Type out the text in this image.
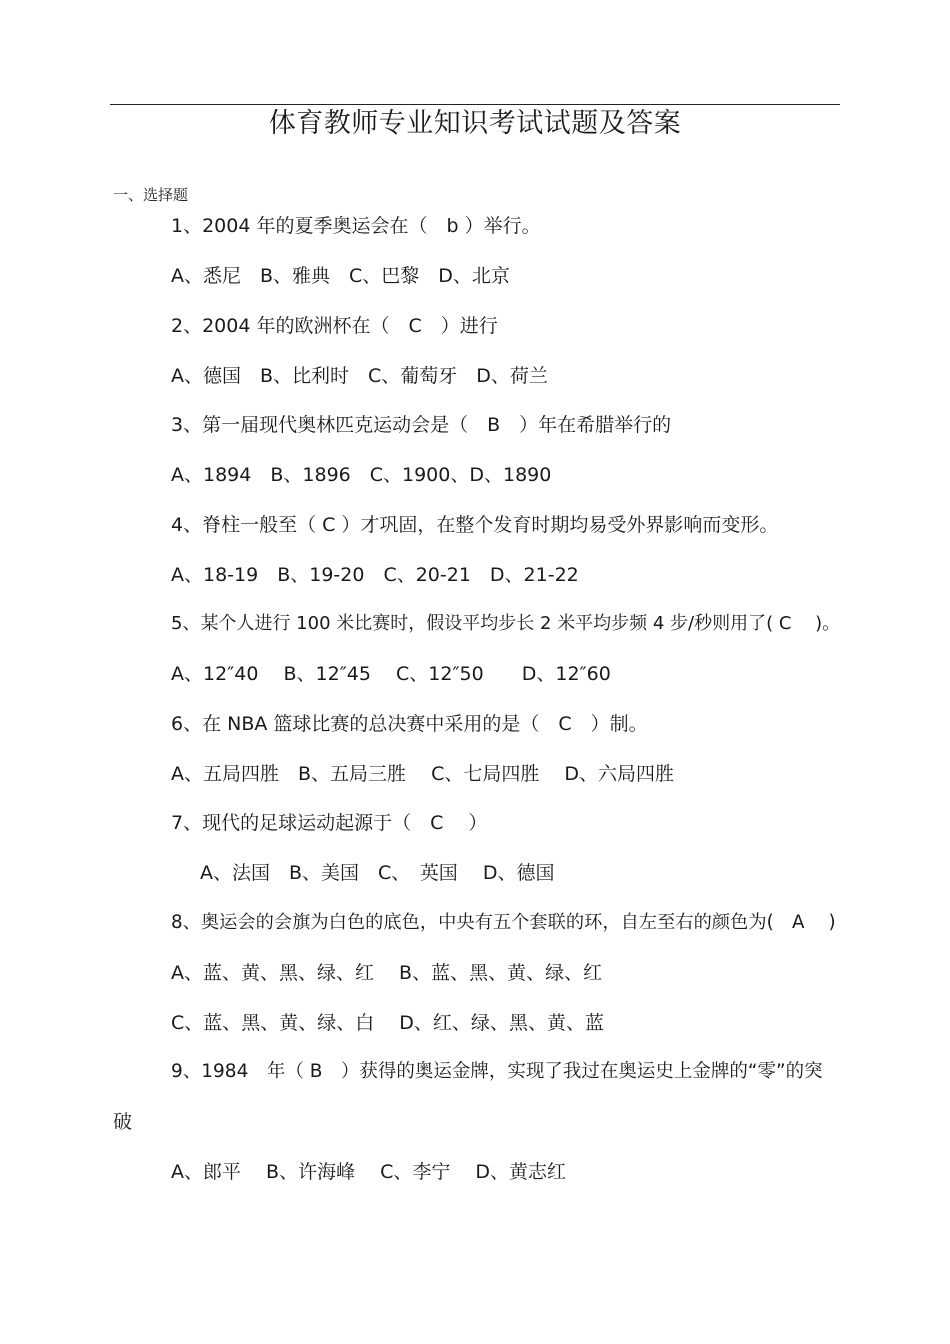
体育教师专业知识考试试题及答案
一、选择题
1、2004 年的夏季奥运会在（　b ）举行。
A、悉尼　B、雅典　C、巴黎　D、北京
2、2004 年的欧洲杯在（　C　）进行
A、德国　B、比利时　C、葡萄牙　D、荷兰
3、第一届现代奥林匹克运动会是（　B　）年在希腊举行的
A、1894　B、1896　C、1900、D、1890
4、脊柱一般至（ C ）才巩固，在整个发育时期均易受外界影响而变形。
A、18-19　B、19-20　C、20-21　D、21-22
5、某个人进行 100 米比赛时，假设平均步长 2 米平均步频 4 步/秒则用了( C　 )。
A、12″40　 B、12″45　 C、12″50　　D、12″60
6、在 NBA 篮球比赛的总决赛中采用的是（　C　）制。
A、五局四胜　B、五局三胜　 C、七局四胜　 D、六局四胜
7、现代的足球运动起源于（　C　 ）
A、法国　B、美国　C、　英国　 D、德国
8、奥运会的会旗为白色的底色，中央有五个套联的环，自左至右的颜色为(　A　 )
A、蓝、黄、黑、绿、红　 B、蓝、黑、黄、绿、红
C、蓝、黑、黄、绿、白　 D、红、绿、黑、黄、蓝
9、1984　年（ B　）获得的奥运金牌，实现了我过在奥运史上金牌的“零”的突
破
A、郎平　 B、许海峰　 C、李宁　 D、黄志红
